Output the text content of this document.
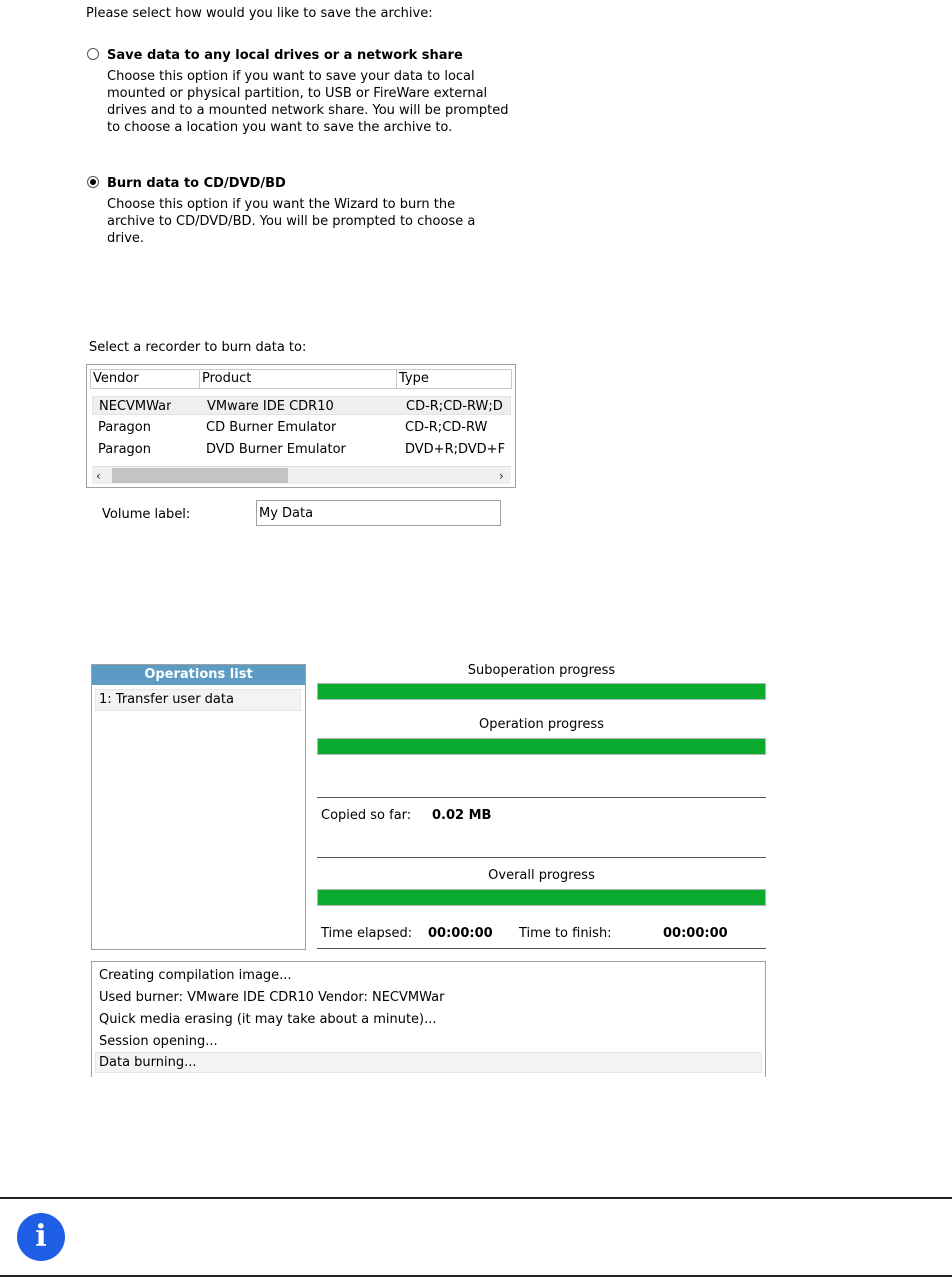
Please select how would you like to save the archive:
Save data to any local drives or a network share
Choose this option if you want to save your data to local
mounted or physical partition, to USB or FireWare external
drives and to a mounted network share. You will be prompted
to choose a location you want to save the archive to.
Burn data to CD/DVD/BD
Choose this option if you want the Wizard to burn the
archive to CD/DVD/BD. You will be prompted to choose a
drive.
Select a recorder to burn data to:
Vendor	Product	Type
NECVMWar	VMware IDE CDR10	CD-R;CD-RW;D
Paragon	CD Burner Emulator	CD-R;CD-RW
Paragon	DVD Burner Emulator	DVD+R;DVD+F
‹	›
Volume label:
My Data
Operations list
1: Transfer user data
Suboperation progress
Operation progress
Copied so far: 0.02 MB
Overall progress
Time elapsed: 00:00:00 Time to finish:	00:00:00
Creating compilation image...
Used burner: VMware IDE CDR10 Vendor: NECVMWar
Quick media erasing (it may take about a minute)...
Session opening...
Data burning...
i
